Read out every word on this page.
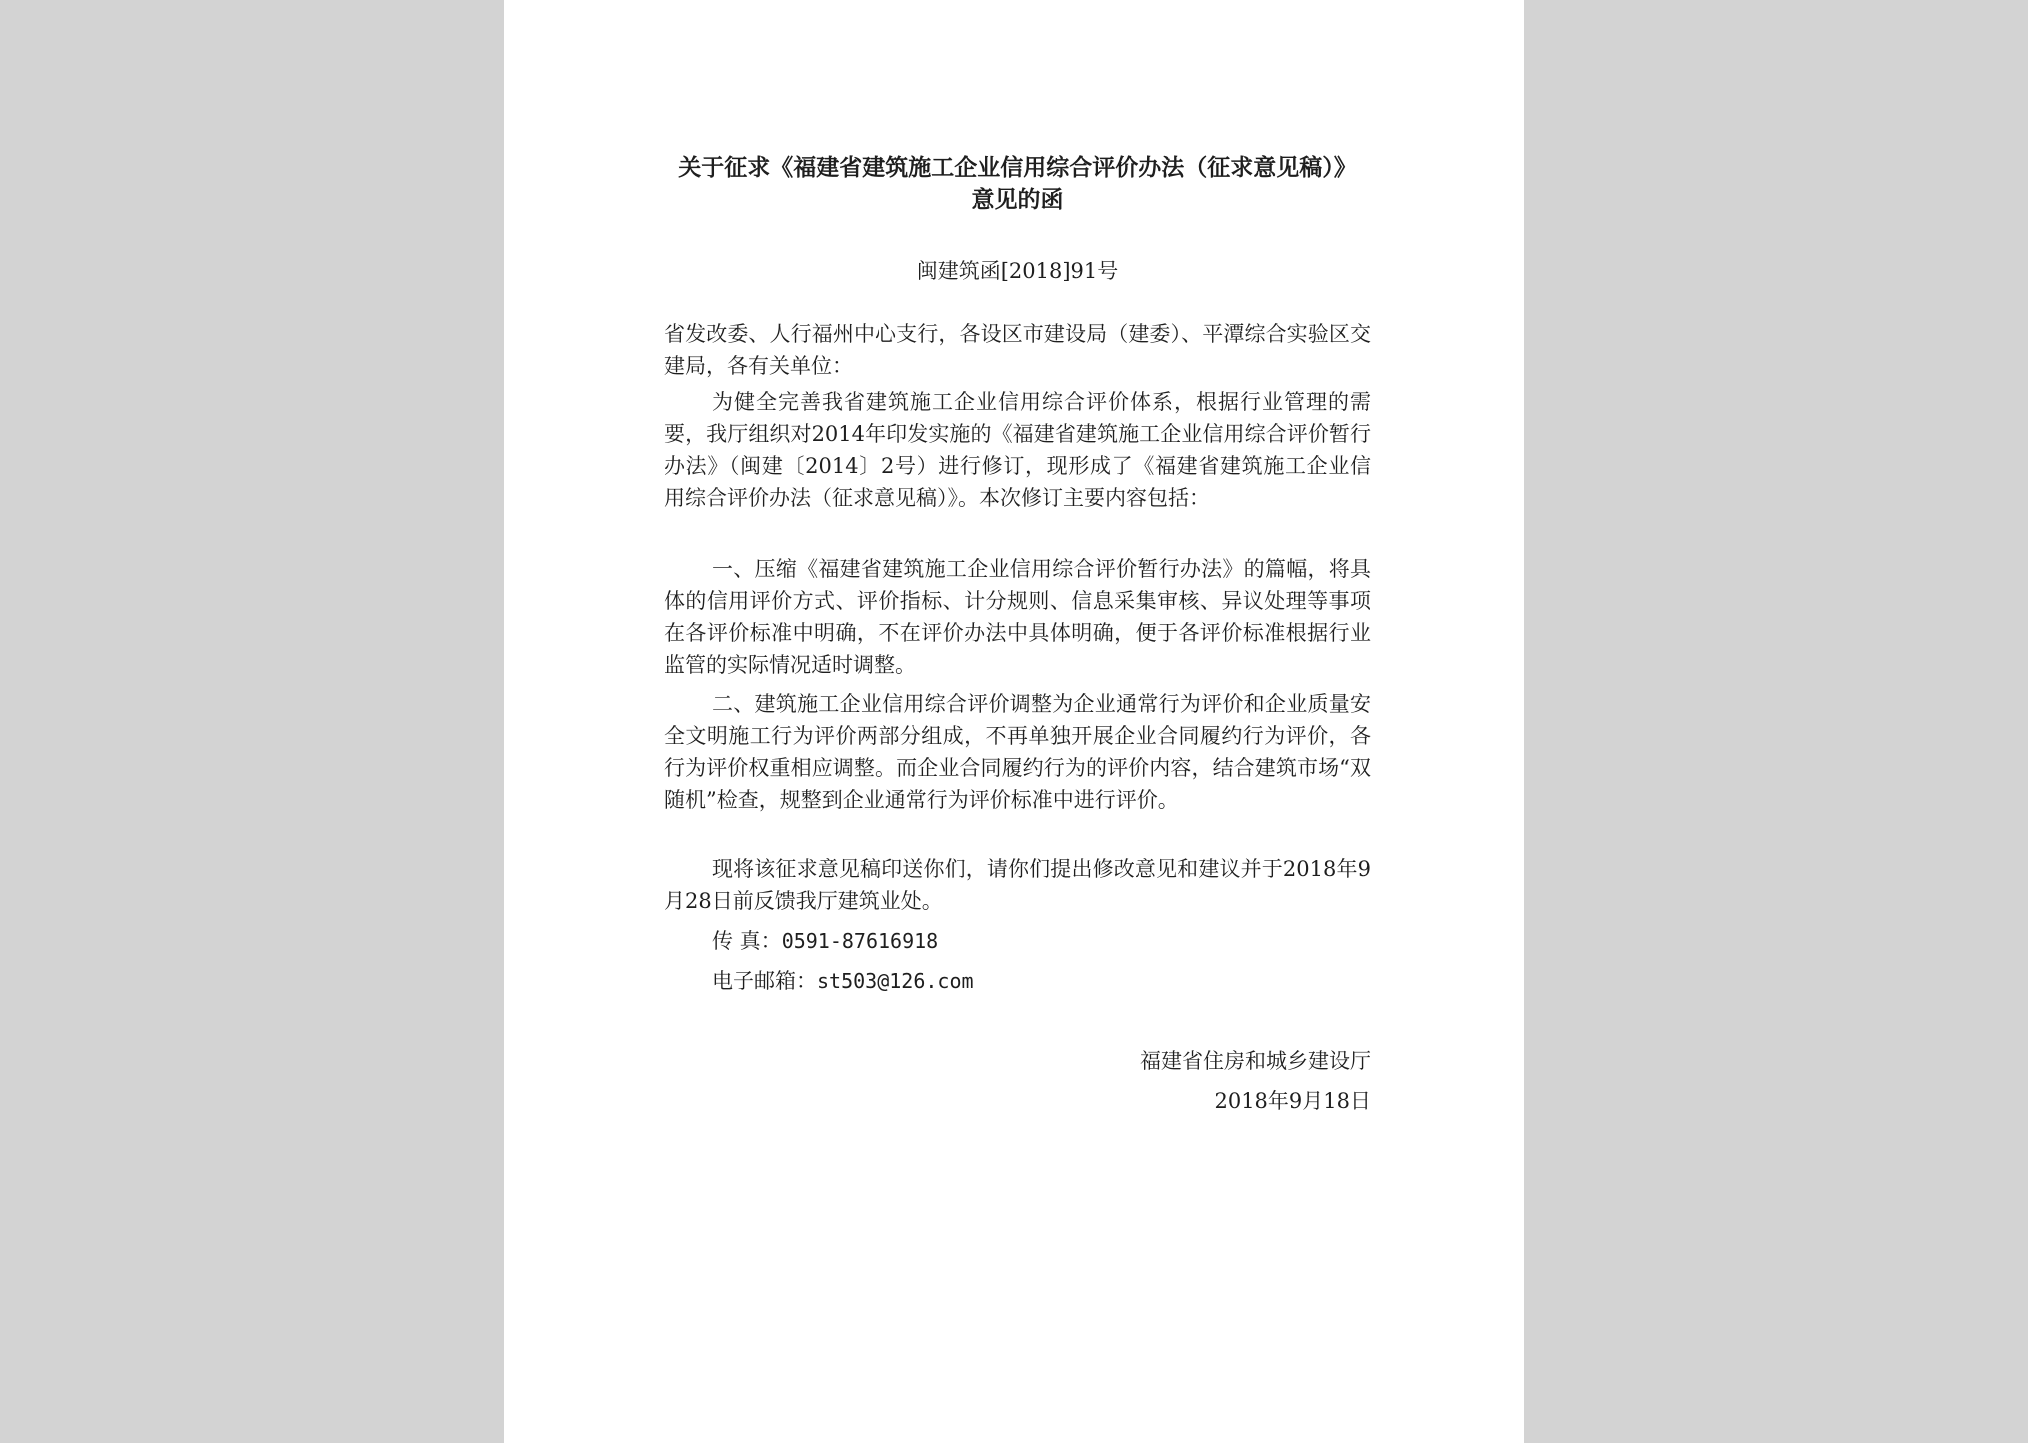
关于征求《福建省建筑施工企业信用综合评价办法（征求意见稿）》
意见的函
闽建筑函[2018]91号
省发改委、人行福州中心支行，各设区市建设局（建委）、平潭综合实验区交建局，各有关单位：
为健全完善我省建筑施工企业信用综合评价体系，根据行业管理的需要，我厅组织对2014年印发实施的《福建省建筑施工企业信用综合评价暂行办法》（闽建〔2014〕2号）进行修订，现形成了《福建省建筑施工企业信用综合评价办法（征求意见稿）》。本次修订主要内容包括：
一、压缩《福建省建筑施工企业信用综合评价暂行办法》的篇幅，将具体的信用评价方式、评价指标、计分规则、信息采集审核、异议处理等事项在各评价标准中明确，不在评价办法中具体明确，便于各评价标准根据行业监管的实际情况适时调整。
二、建筑施工企业信用综合评价调整为企业通常行为评价和企业质量安全文明施工行为评价两部分组成，不再单独开展企业合同履约行为评价，各行为评价权重相应调整。而企业合同履约行为的评价内容，结合建筑市场“双随机”检查，规整到企业通常行为评价标准中进行评价。
现将该征求意见稿印送你们，请你们提出修改意见和建议并于2018年9月28日前反馈我厅建筑业处。
传 真：0591-87616918
电子邮箱：st503@126.com
福建省住房和城乡建设厅
2018年9月18日
